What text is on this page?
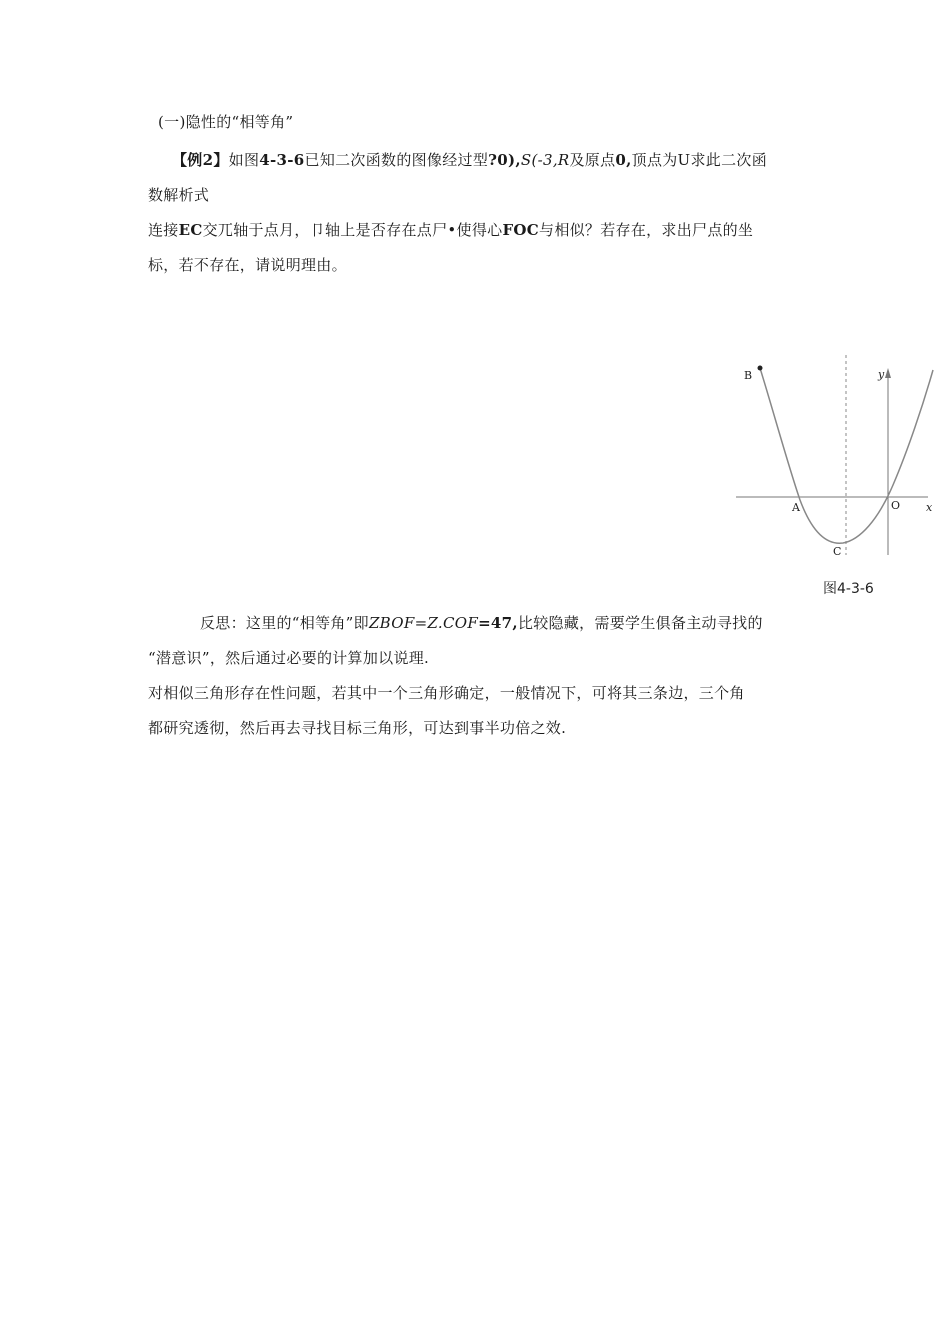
(一)隐性的“相等角”
【例2】如图4-3-6已知二次函数的图像经过型?0),S(-3,R及原点0,顶点为U求此二次函
数解析式
连接EC交兀轴于点月，卩轴上是否存在点尸•使得心FOC与相似？若存在，求出尸点的坐
标，若不存在，请说明理由。
B	y
A	O x
C
图4-3-6
反思：这里的“相等角”即ZBOF=Z.COF=47,比较隐藏，需要学生俱备主动寻找的
“潜意识”，然后通过必要的计算加以说理.
对相似三角形存在性问题，若其中一个三角形确定，一般情况下，可将其三条边，三个角
都研究透彻，然后再去寻找目标三角形，可达到事半功倍之效.
